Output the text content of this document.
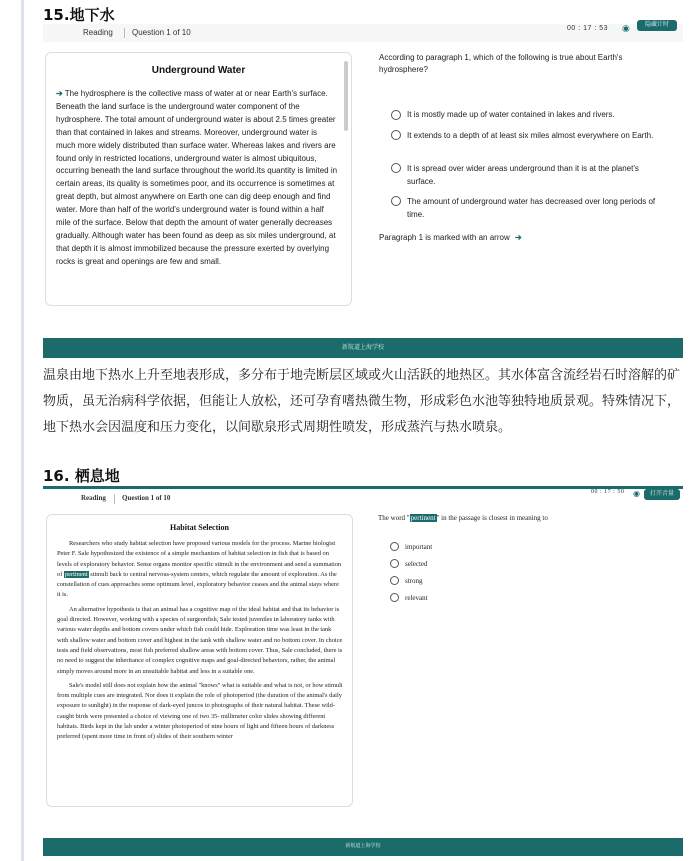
15.地下水
Reading Question 1 of 10	00 : 17 : 53 ◉	隐藏计时
Underground Water
➔ The hydrosphere is the collective mass of water at or near Earth's surface. Beneath the land surface is the underground water component of the hydrosphere. The total amount of underground water is about 2.5 times greater than that contained in lakes and streams. Moreover, underground water is much more widely distributed than surface water. Whereas lakes and rivers are found only in restricted locations, underground water is almost ubiquitous, occurring beneath the land surface throughout the world.Its quantity is limited in certain areas, its quality is sometimes poor, and its occurrence is sometimes at great depth, but almost anywhere on Earth one can dig deep enough and find water. More than half of the world's underground water is found within a half mile of the surface. Below that depth the amount of water generally decreases gradually. Although water has been found as deep as six miles underground, at that depth it is almost immobilized because the pressure exerted by overlying rocks is great and openings are few and small.
According to paragraph 1, which of the following is true about Earth's hydrosphere?
It is mostly made up of water contained in lakes and rivers.
It extends to a depth of at least six miles almost everywhere on Earth.
It is spread over wider areas underground than it is at the planet's surface.
The amount of underground water has decreased over long periods of time.
Paragraph 1 is marked with an arrow ➔
新航道上海学校
温泉由地下热水上升至地表形成，多分布于地壳断层区域或火山活跃的地热区。其水体富含流经岩石时溶解的矿物质，虽无治病科学依据，但能让人放松，还可孕育嗜热微生物，形成彩色水池等独特地质景观。特殊情况下，地下热水会因温度和压力变化，以间歇泉形式周期性喷发，形成蒸汽与热水喷泉。
16. 栖息地
Reading Question 1 of 10
00 : 17 : 50 ◉	打开音量
Habitat Selection

Researchers who study habitat selection have proposed various models for the process. Marine biologist Peter F. Sale hypothesized the existence of a simple mechanism of habitat selection in fish that is based on levels of exploratory behavior. Sense organs monitor specific stimuli in the environment and send a summation of pertinent stimuli back to central nervous-system centers, which regulate the amount of exploration. As the constellation of cues approaches some optimum level, exploratory behavior ceases and the animal stays where it is.

An alternative hypothesis is that an animal has a cognitive map of the ideal habitat and that its behavior is goal directed. However, working with a species of surgeonfish, Sale tested juveniles in laboratory tanks with various water depths and bottom covers under which fish could hide. Exploration time was least in the tank with shallow water and bottom cover and highest in the tank with shallow water and no bottom cover. In choice tests and field observations, most fish preferred shallow areas with bottom cover. Thus, Sale concluded, there is no need to suggest the inheritance of complex cognitive maps and goal-directed behaviors, rather, the animal simply moves around more in an unsuitable habitat and less in a suitable one.

Sale's model still does not explain how the animal "knows" what is suitable and what is not, or how stimuli from multiple cues are integrated. Nor does it explain the role of photoperiod (the duration of the animal's daily exposure to sunlight) in the response of dark-eyed juncos to photographs of their natural habitat. These wild-caught birds were presented a choice of viewing one of two 35- millimeter color slides showing different habitats. Birds kept in the lab under a winter photoperiod of nine hours of light and fifteen hours of darkness preferred (spent more time in front of) slides of their southern winter

The word "pertinent" in the passage is closest in meaning to
important
selected
strong
relevant
新航道上海学校
